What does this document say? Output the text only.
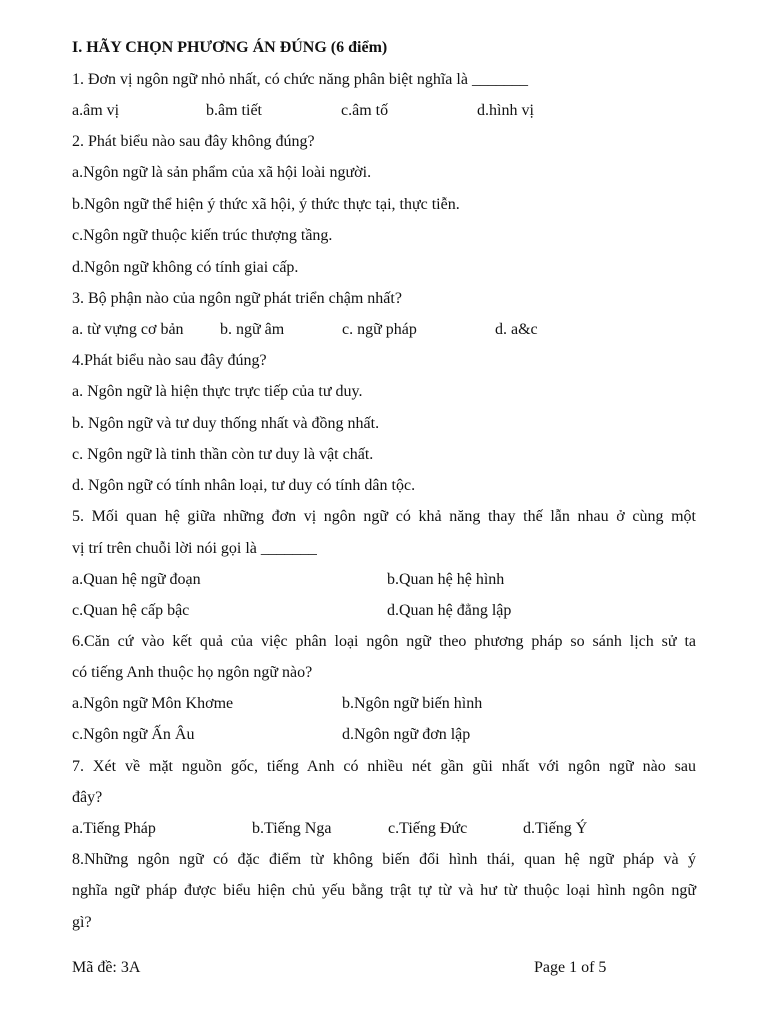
I. HÃY CHỌN PHƯƠNG ÁN ĐÚNG (6 điểm)
1. Đơn vị ngôn ngữ nhỏ nhất, có chức năng phân biệt nghĩa là _______
a.âm vị	b.âm tiết	c.âm tố	d.hình vị
2. Phát biểu nào sau đây không đúng?
a.Ngôn ngữ là sản phẩm của xã hội loài người.
b.Ngôn ngữ thể hiện ý thức xã hội, ý thức thực tại, thực tiễn.
c.Ngôn ngữ thuộc kiến trúc thượng tầng.
d.Ngôn ngữ không có tính giai cấp.
3. Bộ phận nào của ngôn ngữ phát triển chậm nhất?
a. từ vựng cơ bản b. ngữ âm	c. ngữ pháp	d. a&c
4.Phát biểu nào sau đây đúng?
a. Ngôn ngữ là hiện thực trực tiếp của tư duy.
b. Ngôn ngữ và tư duy thống nhất và đồng nhất.
c. Ngôn ngữ là tinh thần còn tư duy là vật chất.
d. Ngôn ngữ có tính nhân loại, tư duy có tính dân tộc.
5. Mối quan hệ giữa những đơn vị ngôn ngữ có khả năng thay thế lẫn nhau ở cùng một
vị trí trên chuỗi lời nói gọi là _______
a.Quan hệ ngữ đoạn	b.Quan hệ hệ hình
c.Quan hệ cấp bậc	d.Quan hệ đẳng lập
6.Căn cứ vào kết quả của việc phân loại ngôn ngữ theo phương pháp so sánh lịch sử ta
có tiếng Anh thuộc họ ngôn ngữ nào?
a.Ngôn ngữ Môn Khơme	b.Ngôn ngữ biến hình
c.Ngôn ngữ Ấn Âu	d.Ngôn ngữ đơn lập
7. Xét về mặt nguồn gốc, tiếng Anh có nhiều nét gần gũi nhất với ngôn ngữ nào sau
đây?
a.Tiếng Pháp	b.Tiếng Nga	c.Tiếng Đức	d.Tiếng Ý
8.Những ngôn ngữ có đặc điểm từ không biến đổi hình thái, quan hệ ngữ pháp và ý
nghĩa ngữ pháp được biểu hiện chủ yếu bằng trật tự từ và hư từ thuộc loại hình ngôn ngữ
gì?
Mã đề: 3A	Page 1 of 5
